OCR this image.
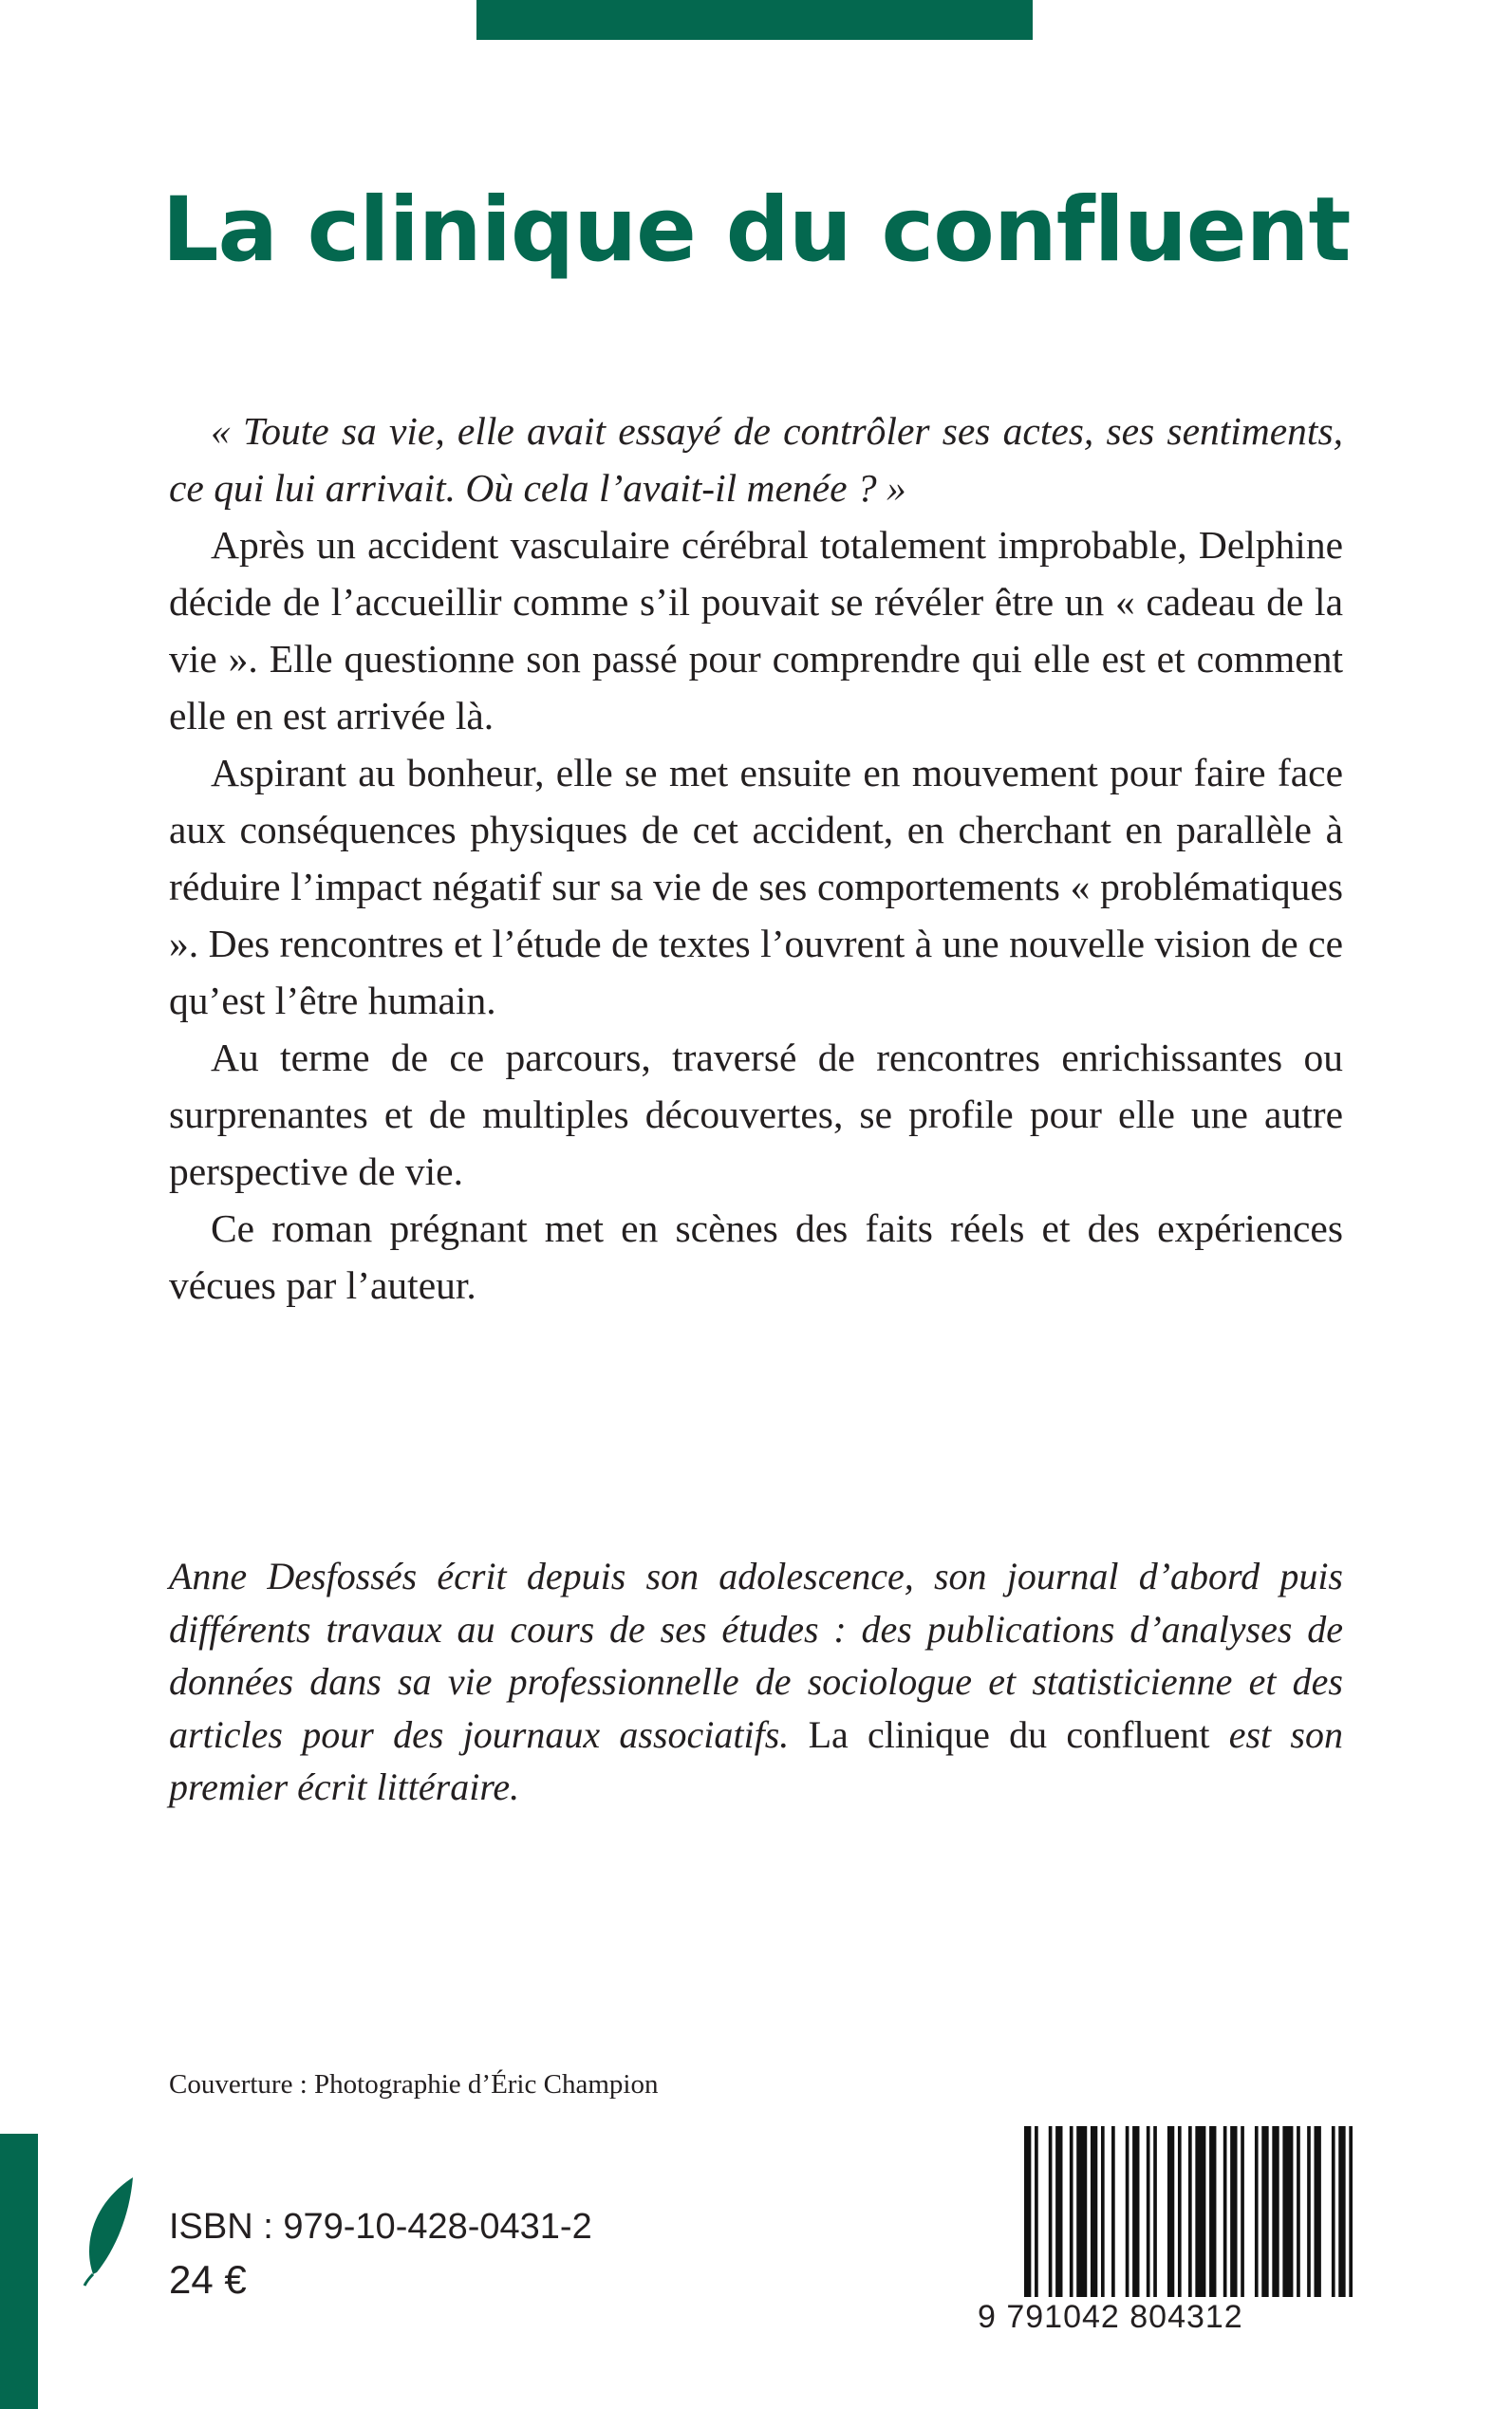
La clinique du confluent

« Toute sa vie, elle avait essayé de contrôler ses actes, ses sentiments, ce qui lui arrivait. Où cela l’avait-il menée ? »

Après un accident vasculaire cérébral totalement improbable, Delphine décide de l’accueillir comme s’il pouvait se révéler être un « cadeau de la vie ». Elle questionne son passé pour comprendre qui elle est et comment elle en est arrivée là.

Aspirant au bonheur, elle se met ensuite en mouvement pour faire face aux conséquences physiques de cet accident, en cherchant en parallèle à réduire l’impact négatif sur sa vie de ses comportements « problématiques ». Des rencontres et l’étude de textes l’ouvrent à une nouvelle vision de ce qu’est l’être humain.

Au terme de ce parcours, traversé de rencontres enrichissantes ou surprenantes et de multiples découvertes, se profile pour elle une autre perspective de vie.

Ce roman prégnant met en scènes des faits réels et des expériences vécues par l’auteur.

Anne Desfossés écrit depuis son adolescence, son journal d’abord puis différents travaux au cours de ses études : des publications d’analyses de données dans sa vie professionnelle de sociologue et statisticienne et des articles pour des journaux associatifs. La clinique du confluent est son premier écrit littéraire.

Couverture : Photographie d’Éric Champion

ISBN : 979-10-428-0431-2

24 €

9 791042 804312
